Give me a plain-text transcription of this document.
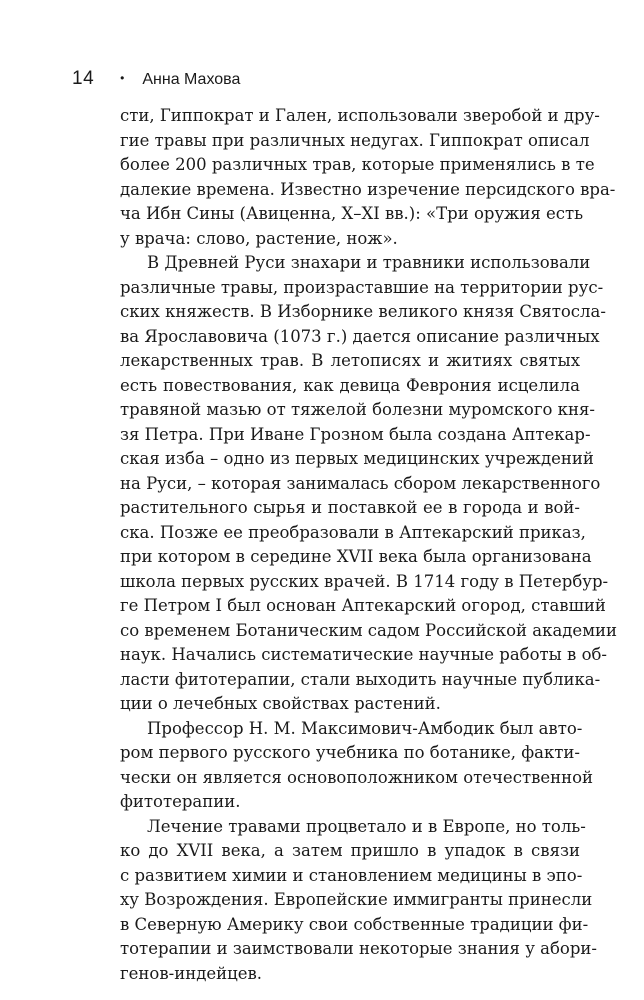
14 • Анна Махова
сти, Гиппократ и Гален, использовали зверобой и дру-
гие травы при различных недугах. Гиппократ описал
более 200 различных трав, которые применялись в те
далекие времена. Известно изречение персидского вра-
ча Ибн Сины (Авиценна, X–XI вв.): «Три оружия есть
у врача: слово, растение, нож».
В Древней Руси знахари и травники использовали
различные травы, произраставшие на территории рус-
ских княжеств. В Изборнике великого князя Святосла-
ва Ярославовича (1073 г.) дается описание различных
лекарственных трав. В летописях и житиях святых
есть повествования, как девица Феврония исцелила
травяной мазью от тяжелой болезни муромского кня-
зя Петра. При Иване Грозном была создана Аптекар-
ская изба – одно из первых медицинских учреждений
на Руси, – которая занималась сбором лекарственного
растительного сырья и поставкой ее в города и вой-
ска. Позже ее преобразовали в Аптекарский приказ,
при котором в середине XVII века была организована
школа первых русских врачей. В 1714 году в Петербур-
ге Петром I был основан Аптекарский огород, ставший
со временем Ботаническим садом Российской академии
наук. Начались систематические научные работы в об-
ласти фитотерапии, стали выходить научные публика-
ции о лечебных свойствах растений.
Профессор Н. М. Максимович-Амбодик был авто-
ром первого русского учебника по ботанике, факти-
чески он является основоположником отечественной
фитотерапии.
Лечение травами процветало и в Европе, но толь-
ко до XVII века, а затем пришло в упадок в связи
с развитием химии и становлением медицины в эпо-
ху Возрождения. Европейские иммигранты принесли
в Северную Америку свои собственные традиции фи-
тотерапии и заимствовали некоторые знания у абори-
генов-индейцев.
